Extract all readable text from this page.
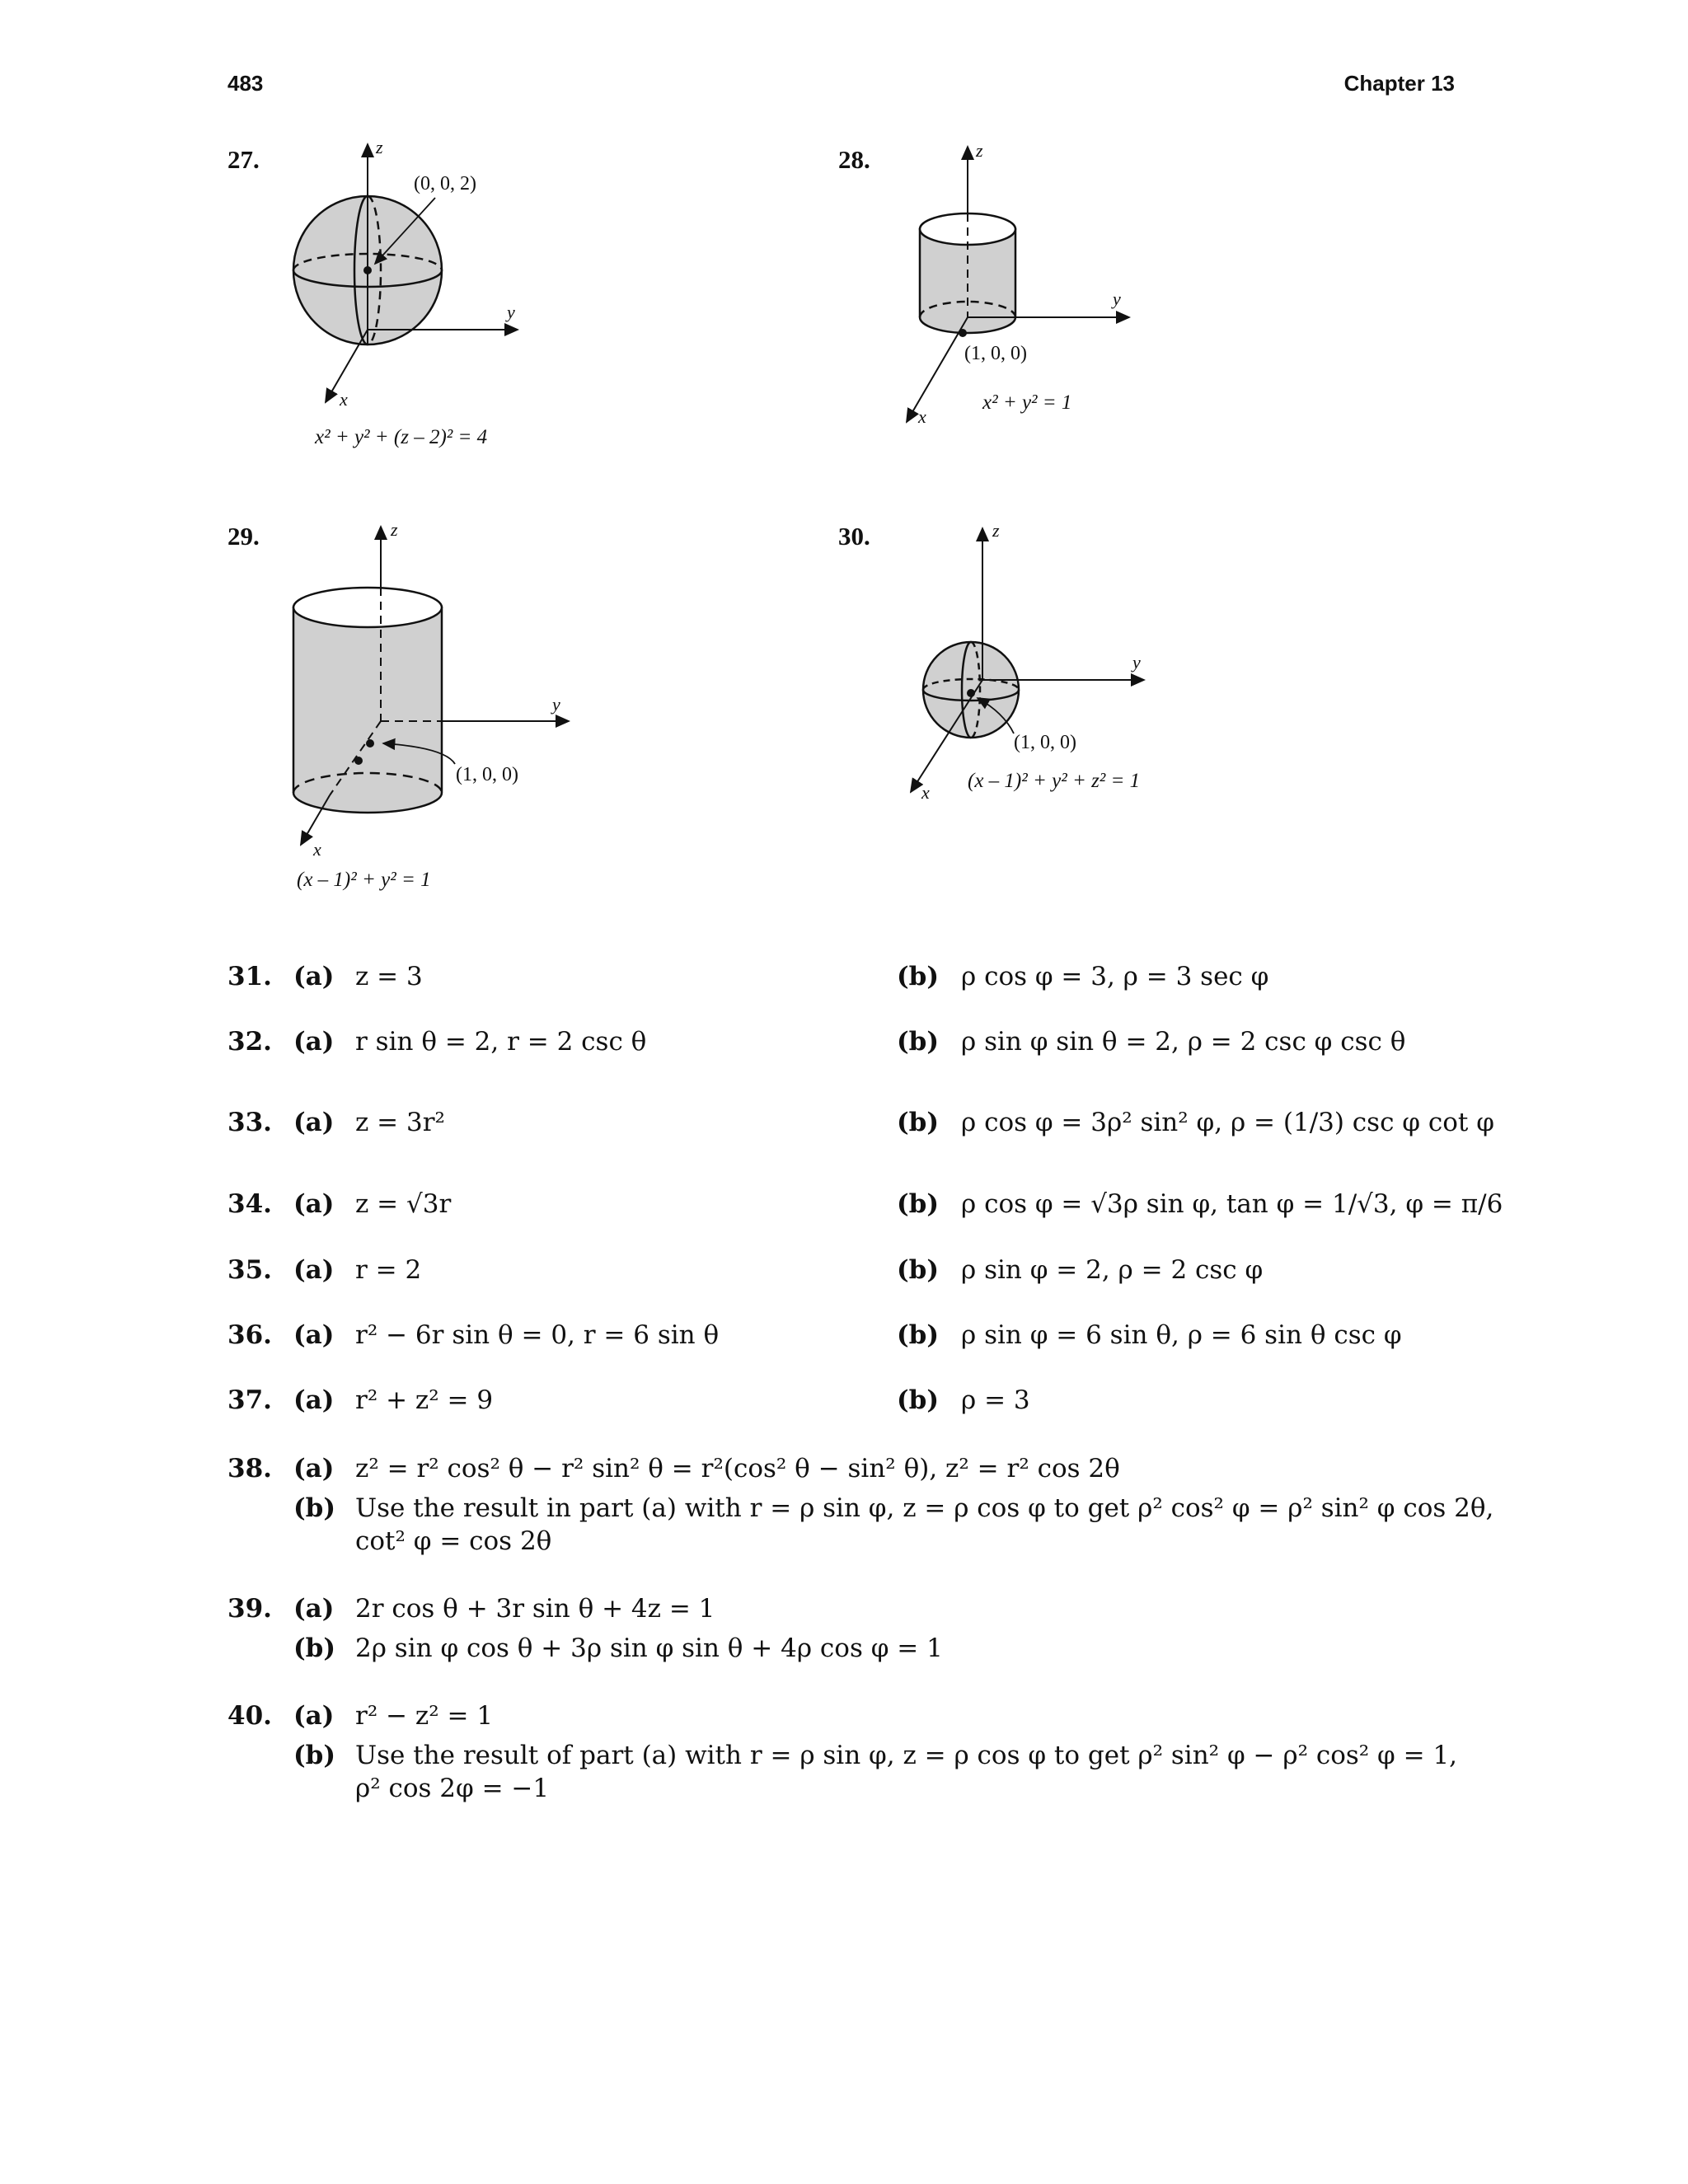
483	Chapter 13
27.	28.
29.	30.
z
y
x
(0, 0, 2)
x² + y² + (z – 2)² = 4
z
y
x
(1, 0, 0)
x² + y² = 1
z
y
x
(1, 0, 0)
(x – 1)² + y² = 1
z
y
x
(1, 0, 0)
(x – 1)² + y² + z² = 1
31. (a) z = 3	(b) ρ cos φ = 3, ρ = 3 sec φ
32. (a) r sin θ = 2, r = 2 csc θ	(b) ρ sin φ sin θ = 2, ρ = 2 csc φ csc θ
33. (a) z = 3r²	(b) ρ cos φ = 3ρ² sin² φ, ρ = (1/3) csc φ cot φ
34. (a) z = √3r	(b) ρ cos φ = √3ρ sin φ, tan φ = 1/√3, φ = π/6
35. (a) r = 2	(b) ρ sin φ = 2, ρ = 2 csc φ
36. (a) r² − 6r sin θ = 0, r = 6 sin θ	(b) ρ sin φ = 6 sin θ, ρ = 6 sin θ csc φ
37. (a) r² + z² = 9	(b) ρ = 3
38. (a) z² = r² cos² θ − r² sin² θ = r²(cos² θ − sin² θ), z² = r² cos 2θ
(b) Use the result in part (a) with r = ρ sin φ, z = ρ cos φ to get ρ² cos² φ = ρ² sin² φ cos 2θ,
cot² φ = cos 2θ
39. (a) 2r cos θ + 3r sin θ + 4z = 1
(b) 2ρ sin φ cos θ + 3ρ sin φ sin θ + 4ρ cos φ = 1
40. (a) r² − z² = 1
(b) Use the result of part (a) with r = ρ sin φ, z = ρ cos φ to get ρ² sin² φ − ρ² cos² φ = 1,
ρ² cos 2φ = −1
